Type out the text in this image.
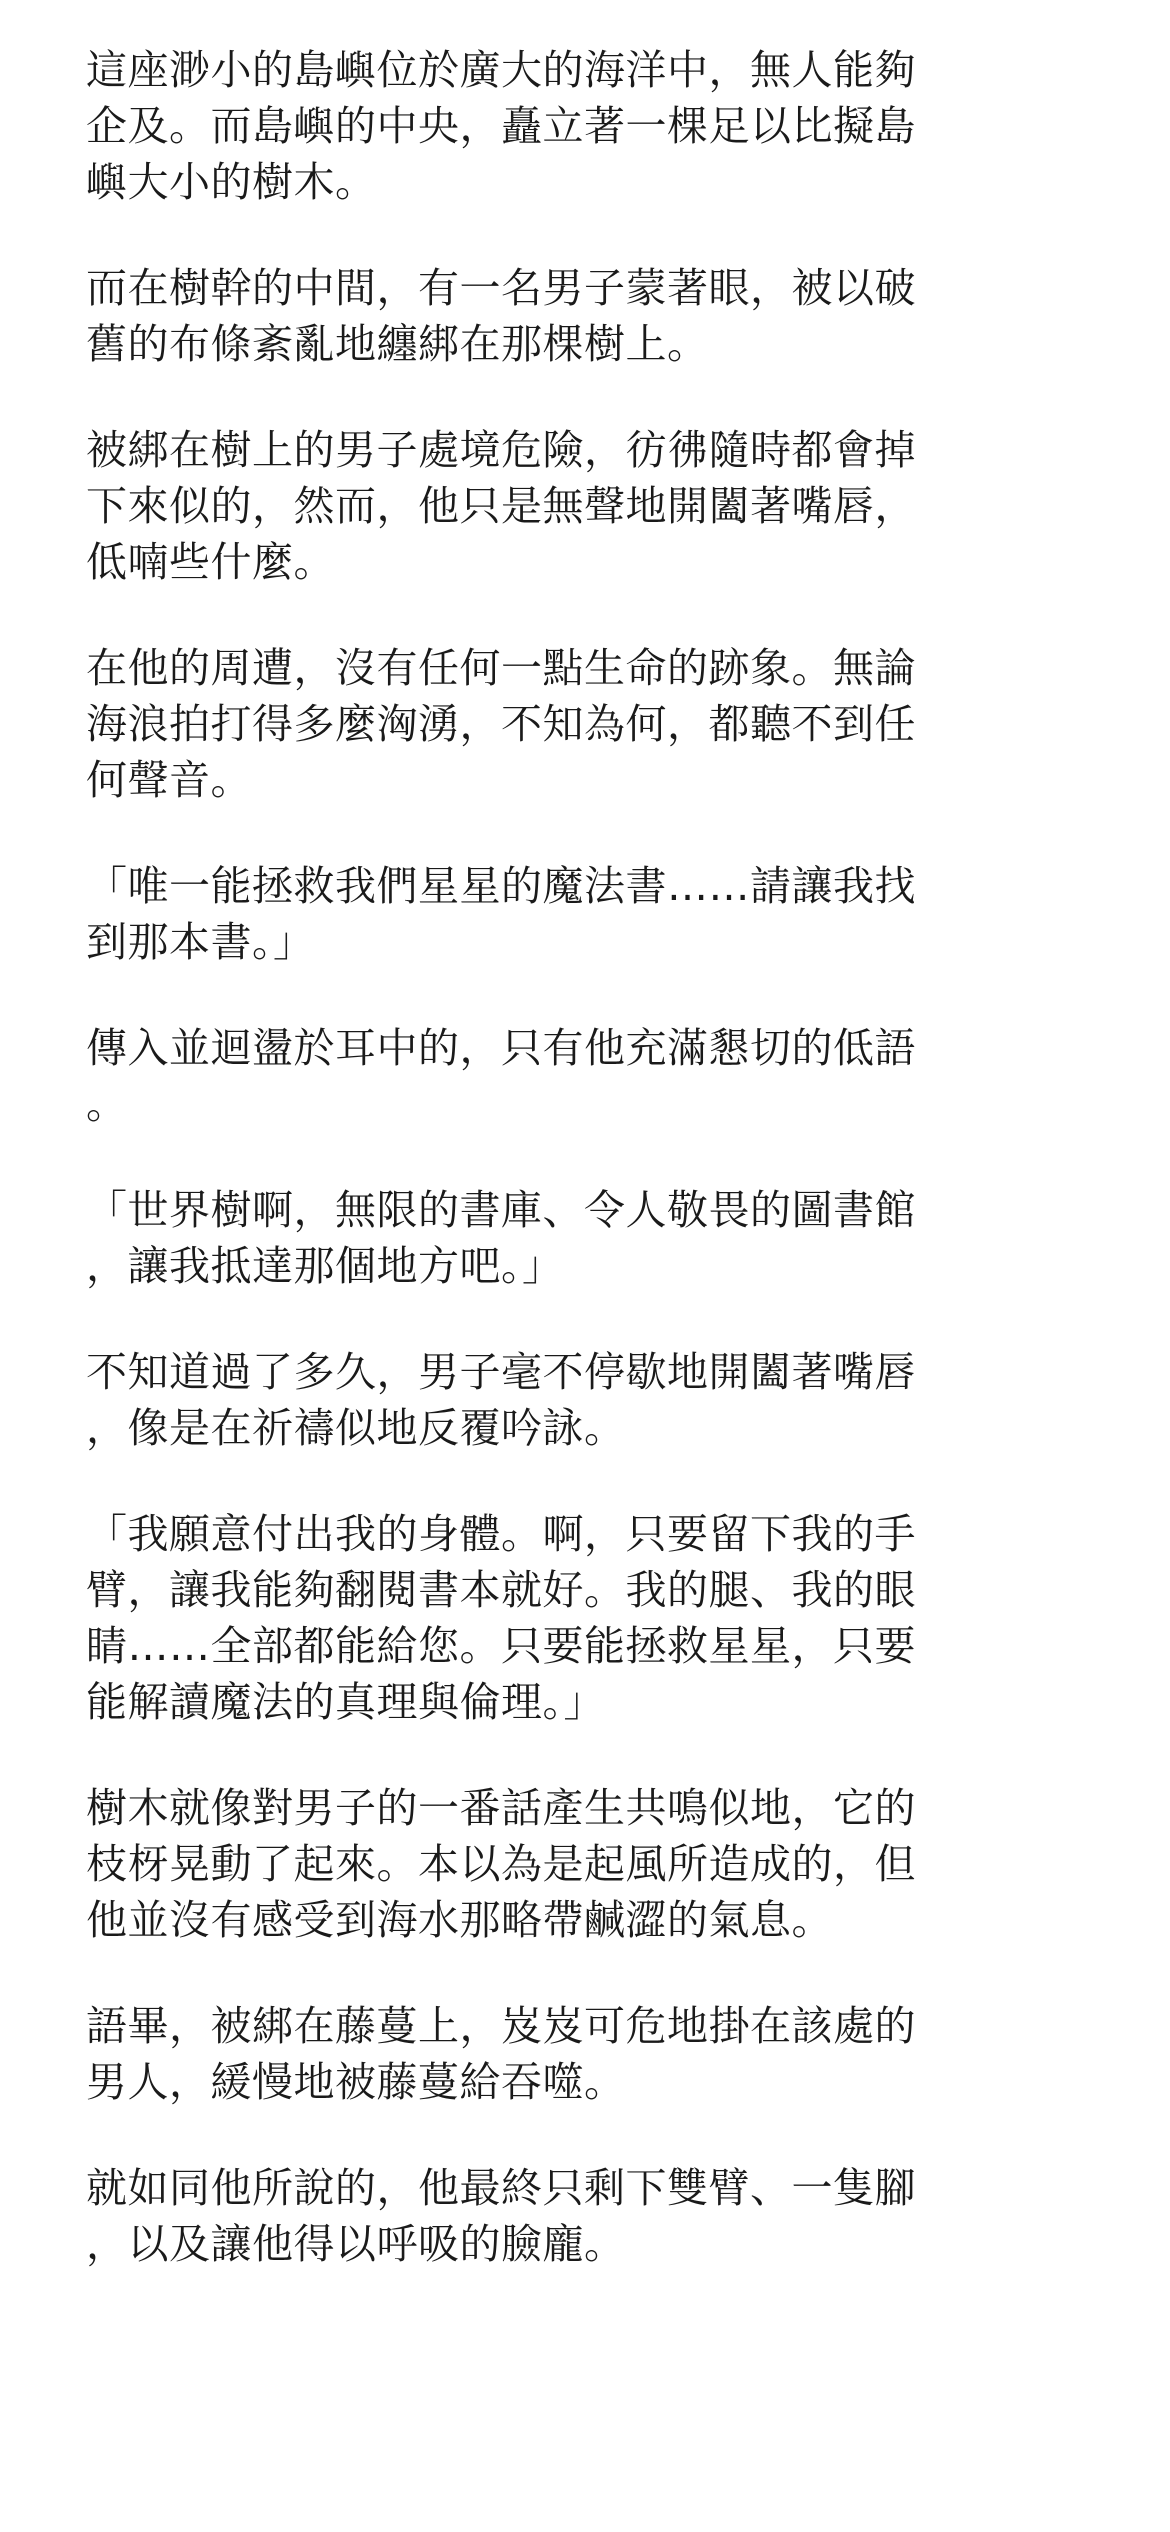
這座渺小的島嶼位於廣大的海洋中，無人能夠
企及。而島嶼的中央，矗立著一棵足以比擬島
嶼大小的樹木。

而在樹幹的中間，有一名男子蒙著眼，被以破
舊的布條紊亂地纏綁在那棵樹上。

被綁在樹上的男子處境危險，彷彿隨時都會掉
下來似的，然而，他只是無聲地開闔著嘴唇，
低喃些什麼。

在他的周遭，沒有任何一點生命的跡象。無論
海浪拍打得多麼洶湧，不知為何，都聽不到任
何聲音。

「唯一能拯救我們星星的魔法書……請讓我找
到那本書。」

傳入並迴盪於耳中的，只有他充滿懇切的低語
。

「世界樹啊，無限的書庫、令人敬畏的圖書館
，讓我抵達那個地方吧。」

不知道過了多久，男子毫不停歇地開闔著嘴唇
，像是在祈禱似地反覆吟詠。

「我願意付出我的身體。啊，只要留下我的手
臂，讓我能夠翻閱書本就好。我的腿、我的眼
睛……全部都能給您。只要能拯救星星，只要
能解讀魔法的真理與倫理。」

樹木就像對男子的一番話產生共鳴似地，它的
枝枒晃動了起來。本以為是起風所造成的，但
他並沒有感受到海水那略帶鹹澀的氣息。

語畢，被綁在藤蔓上，岌岌可危地掛在該處的
男人，緩慢地被藤蔓給吞噬。

就如同他所說的，他最終只剩下雙臂、一隻腳
，以及讓他得以呼吸的臉龐。
